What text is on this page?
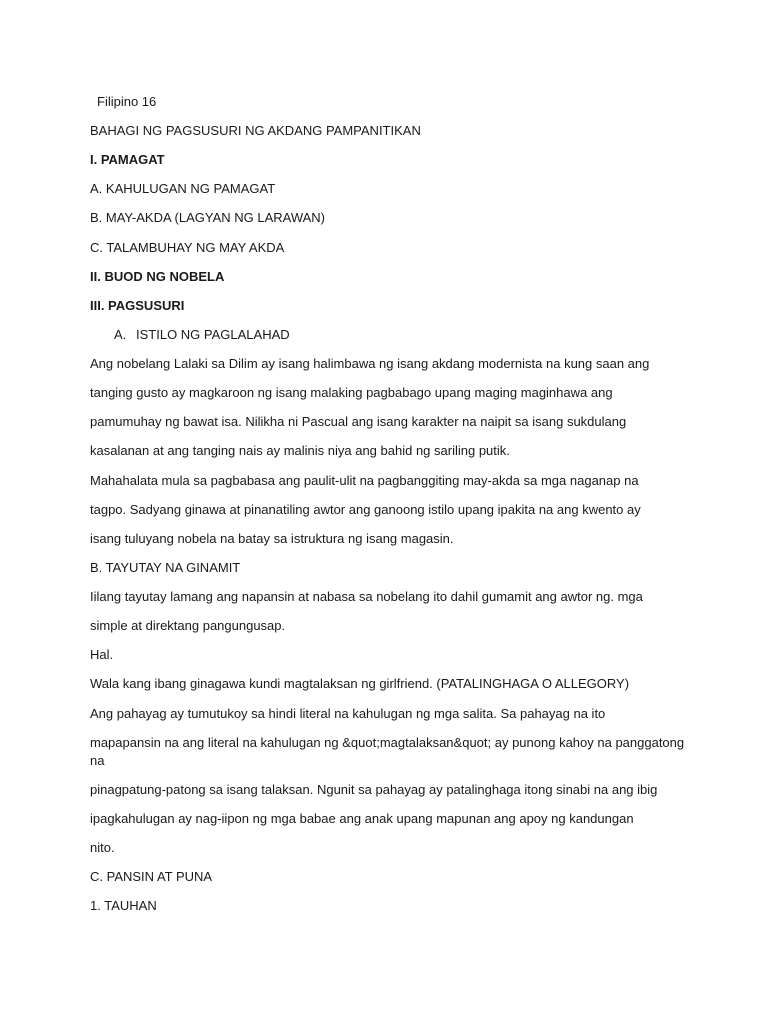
Filipino 16
BAHAGI NG PAGSUSURI NG AKDANG PAMPANITIKAN
I. PAMAGAT
A. KAHULUGAN NG PAMAGAT
B. MAY-AKDA (LAGYAN NG LARAWAN)
C. TALAMBUHAY NG MAY AKDA
II. BUOD NG NOBELA
III. PAGSUSURI
A. ISTILO NG PAGLALAHAD
Ang nobelang Lalaki sa Dilim ay isang halimbawa ng isang akdang modernista na kung saan ang
tanging gusto ay magkaroon ng isang malaking pagbabago upang maging maginhawa ang
pamumuhay ng bawat isa. Nilikha ni Pascual ang isang karakter na naipit sa isang sukdulang
kasalanan at ang tanging nais ay malinis niya ang bahid ng sariling putik.
Mahahalata mula sa pagbabasa ang paulit-ulit na pagbanggiting may-akda sa mga naganap na
tagpo. Sadyang ginawa at pinanatiling awtor ang ganoong istilo upang ipakita na ang kwento ay
isang tuluyang nobela na batay sa istruktura ng isang magasin.
B. TAYUTAY NA GINAMIT
Iilang tayutay lamang ang napansin at nabasa sa nobelang ito dahil gumamit ang awtor ng. mga
simple at direktang pangungusap.
Hal.
Wala kang ibang ginagawa kundi magtalaksan ng girlfriend. (PATALINGHAGA O ALLEGORY)
Ang pahayag ay tumutukoy sa hindi literal na kahulugan ng mga salita. Sa pahayag na ito
mapapansin na ang literal na kahulugan ng &quot;magtalaksan&quot; ay punong kahoy na panggatong
na
pinagpatung-patong sa isang talaksan. Ngunit sa pahayag ay patalinghaga itong sinabi na ang ibig
ipagkahulugan ay nag-iipon ng mga babae ang anak upang mapunan ang apoy ng kandungan
nito.
C. PANSIN AT PUNA
1. TAUHAN
